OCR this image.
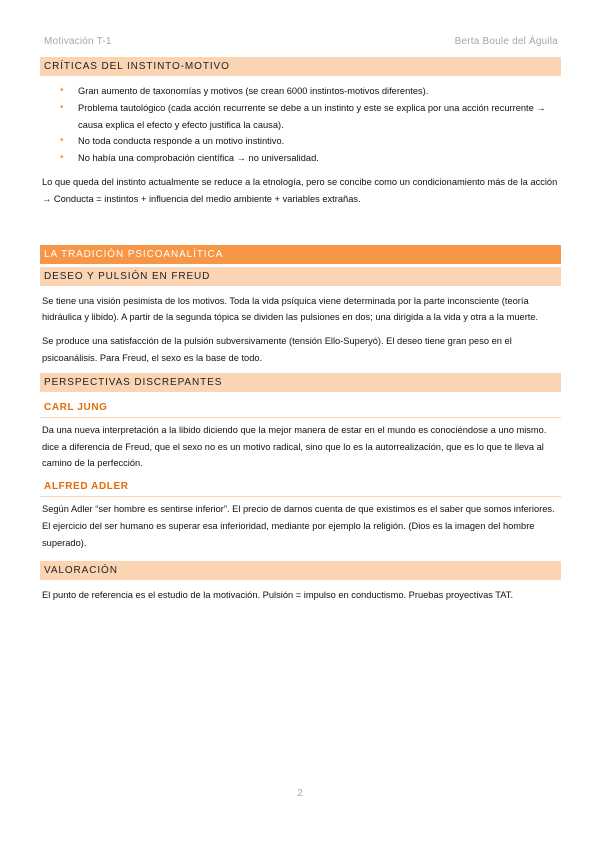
Motivación T-1	Berta Boule del Águila
CRÍTICAS DEL INSTINTO-MOTIVO
• Gran aumento de taxonomías y motivos (se crean 6000 instintos-motivos diferentes).
• Problema tautológico (cada acción recurrente se debe a un instinto y este se explica por una acción recurrente → causa explica el efecto y efecto justifica la causa).
• No toda conducta responde a un motivo instintivo.
• No había una comprobación científica → no universalidad.

Lo que queda del instinto actualmente se reduce a la etnología, pero se concibe como un condicionamiento más de la acción → Conducta = instintos + influencia del medio ambiente + variables extrañas.

LA TRADICIÓN PSICOANALÍTICA
DESEO Y PULSIÓN EN FREUD

Se tiene una visión pesimista de los motivos. Toda la vida psíquica viene determinada por la parte inconsciente (teoría hidráulica y libido). A partir de la segunda tópica se dividen las pulsiones en dos; una dirigida a la vida y otra a la muerte.

Se produce una satisfacción de la pulsión subversivamente (tensión Ello-Superyó). El deseo tiene gran peso en el psicoanálisis. Para Freud, el sexo es la base de todo.

PERSPECTIVAS DISCREPANTES
CARL JUNG

Da una nueva interpretación a la libido diciendo que la mejor manera de estar en el mundo es conociéndose a uno mismo. dice a diferencia de Freud, que el sexo no es un motivo radical, sino que lo es la autorrealización, que es lo que te lleva al camino de la perfección.

ALFRED ADLER

Según Adler “ser hombre es sentirse inferior”. El precio de darnos cuenta de que existimos es el saber que somos inferiores. El ejercicio del ser humano es superar esa inferioridad, mediante por ejemplo la religión. (Dios es la imagen del hombre superado).

VALORACIÓN

El punto de referencia es el estudio de la motivación. Pulsión = impulso en conductismo. Pruebas proyectivas TAT.

2
